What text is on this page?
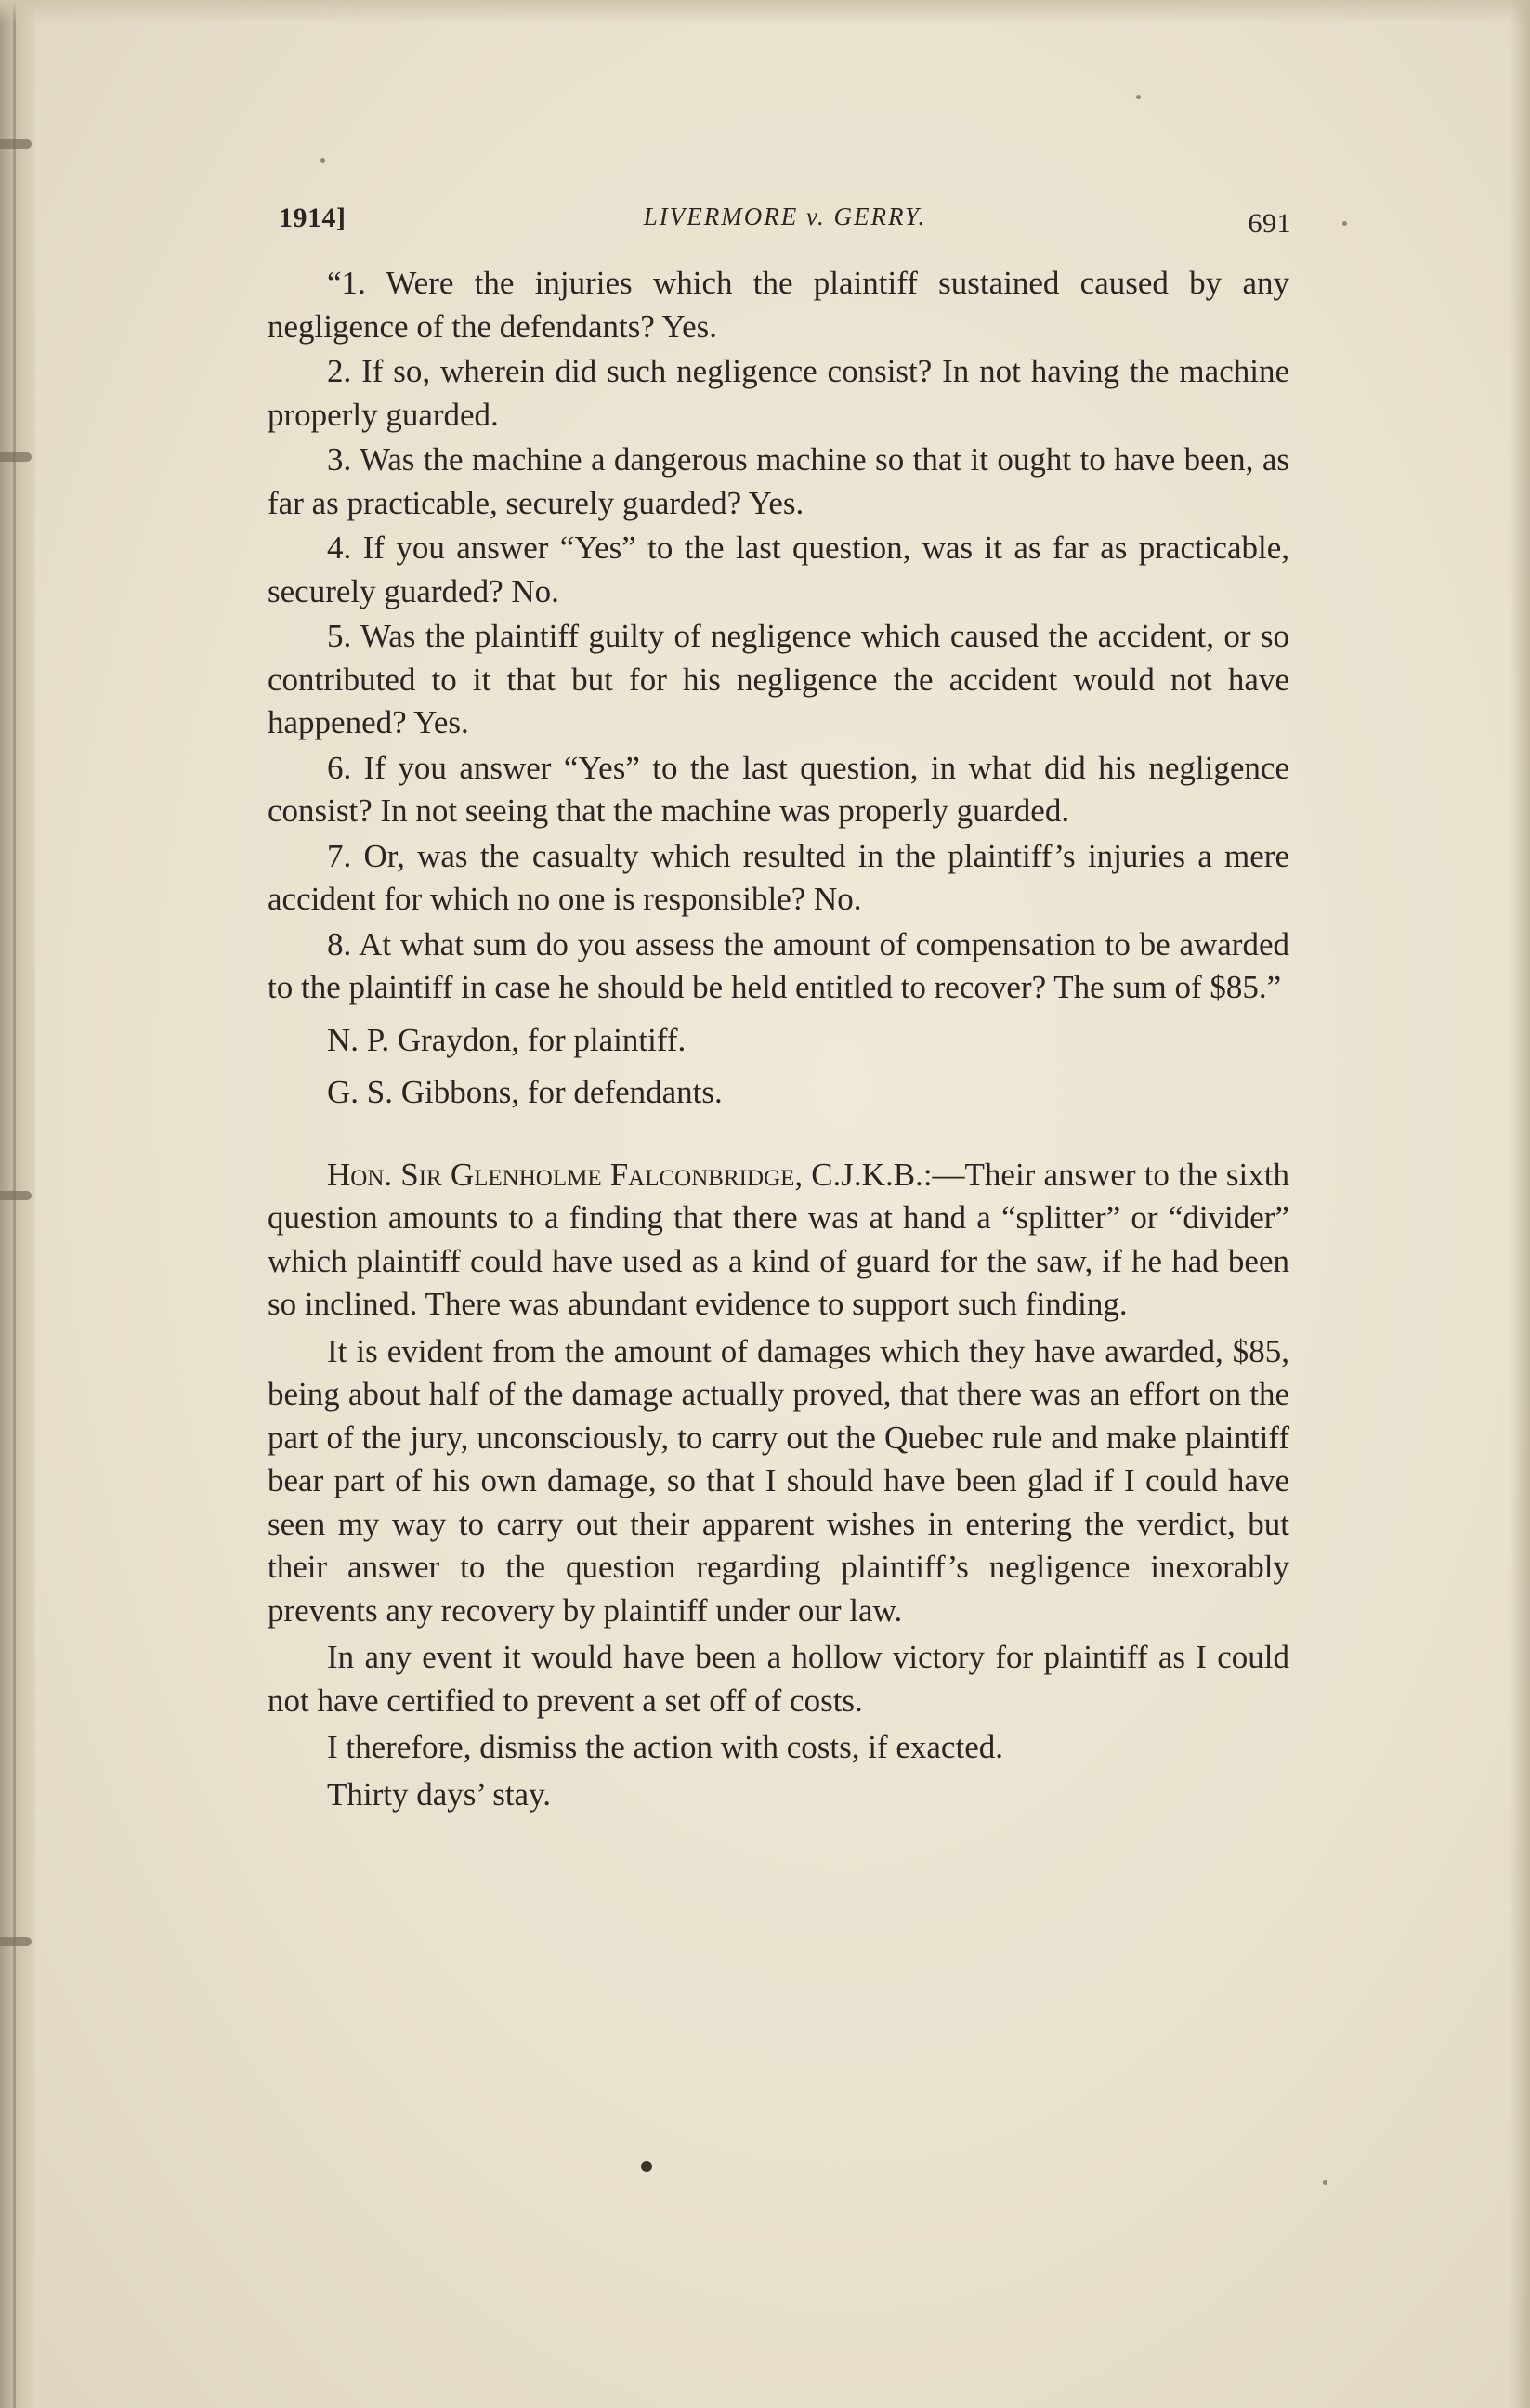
1914]	LIVERMORE v. GERRY.	691

“1. Were the injuries which the plaintiff sustained caused by any negligence of the defendants? Yes.

2. If so, wherein did such negligence consist? In not having the machine properly guarded.

3. Was the machine a dangerous machine so that it ought to have been, as far as practicable, securely guarded? Yes.

4. If you answer “Yes” to the last question, was it as far as practicable, securely guarded? No.

5. Was the plaintiff guilty of negligence which caused the accident, or so contributed to it that but for his negligence the accident would not have happened? Yes.

6. If you answer “Yes” to the last question, in what did his negligence consist? In not seeing that the machine was properly guarded.

7. Or, was the casualty which resulted in the plaintiff’s injuries a mere accident for which no one is responsible? No.

8. At what sum do you assess the amount of compensation to be awarded to the plaintiff in case he should be held entitled to recover? The sum of $85.”

N. P. Graydon, for plaintiff.

G. S. Gibbons, for defendants.

Hon. Sir Glenholme Falconbridge, C.J.K.B.:—Their answer to the sixth question amounts to a finding that there was at hand a “splitter” or “divider” which plaintiff could have used as a kind of guard for the saw, if he had been so inclined. There was abundant evidence to support such finding.

It is evident from the amount of damages which they have awarded, $85, being about half of the damage actually proved, that there was an effort on the part of the jury, unconsciously, to carry out the Quebec rule and make plaintiff bear part of his own damage, so that I should have been glad if I could have seen my way to carry out their apparent wishes in entering the verdict, but their answer to the question regarding plaintiff’s negligence inexorably prevents any recovery by plaintiff under our law.

In any event it would have been a hollow victory for plaintiff as I could not have certified to prevent a set off of costs.

I therefore, dismiss the action with costs, if exacted.

Thirty days’ stay.
